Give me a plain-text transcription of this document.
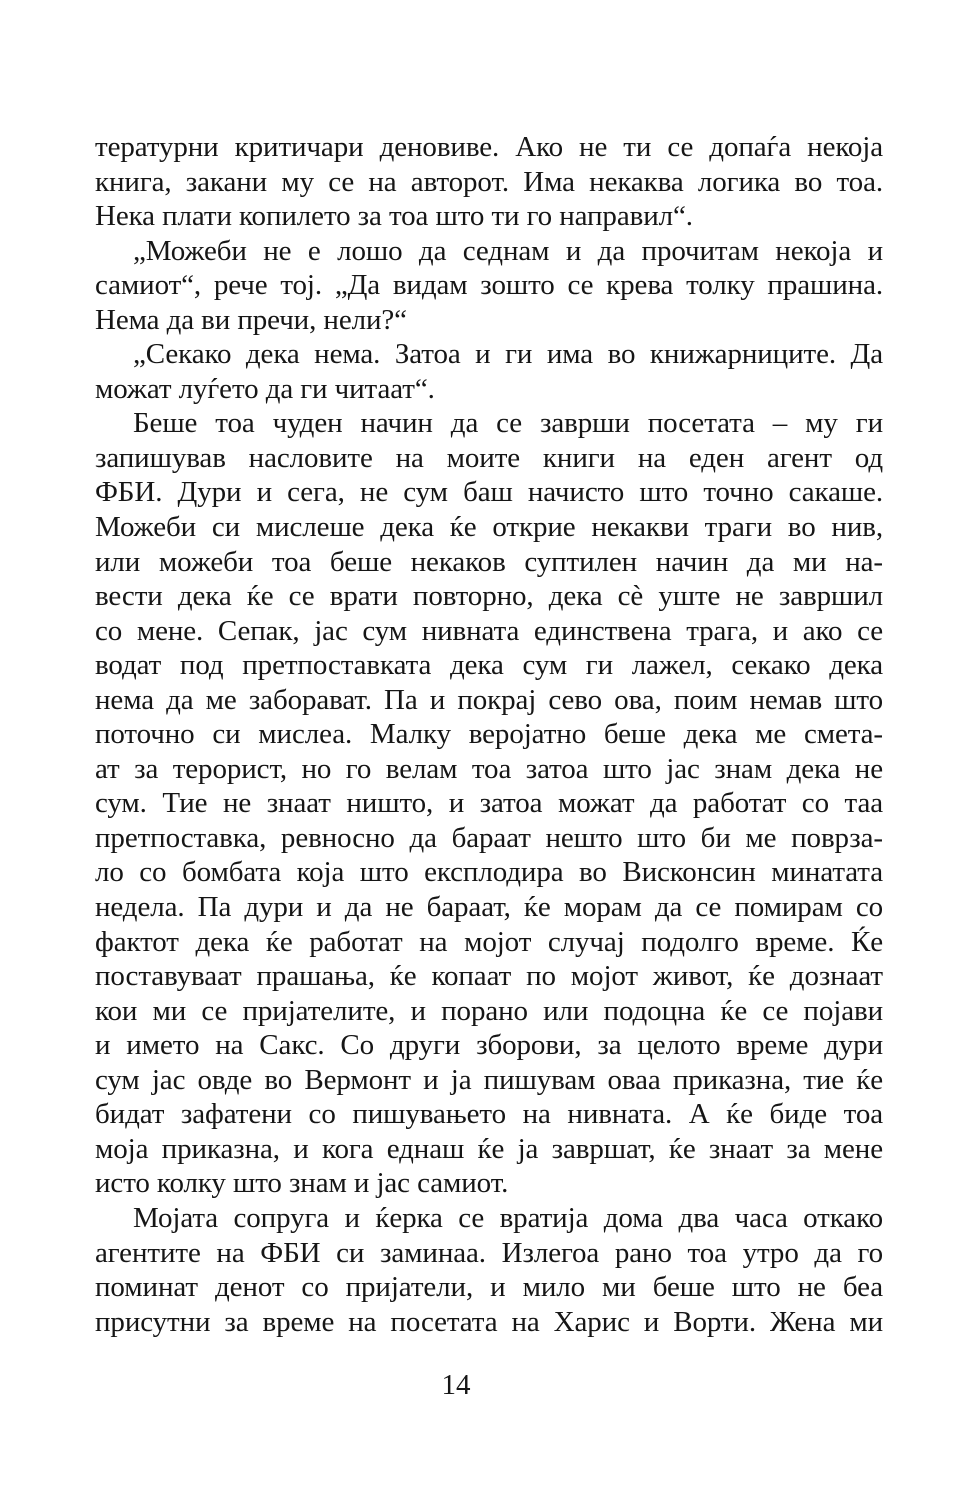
тературни критичари деновиве. Ако не ти се допаѓа некоја
книга, закани му се на авторот. Има некаква логика во тоа.
Нека плати копилето за тоа што ти го направил“.
„Можеби не е лошо да седнам и да прочитам некоја и
самиот“, рече тој. „Да видам зошто се крева толку прашина.
Нема да ви пречи, нели?“
„Секако дека нема. Затоа и ги има во книжарниците. Да
можат луѓето да ги читаат“.
Беше тоа чуден начин да се заврши посетата – му ги
запишував насловите на моите книги на еден агент од
ФБИ. Дури и сега, не сум баш начисто што точно сакаше.
Можеби си мислеше дека ќе открие некакви траги во нив,
или можеби тоа беше некаков суптилен начин да ми на-
вести дека ќе се врати повторно, дека сè уште не завршил
со мене. Сепак, јас сум нивната единствена трага, и ако се
водат под претпоставката дека сум ги лажел, секако дека
нема да ме заборават. Па и покрај сево ова, поим немав што
поточно си мислеа. Малку веројатно беше дека ме смета-
ат за терорист, но го велам тоа затоа што јас знам дека не
сум. Тие не знаат ништо, и затоа можат да работат со таа
претпоставка, ревносно да бараат нешто што би ме поврза-
ло со бомбата која што експлодира во Висконсин минатата
недела. Па дури и да не бараат, ќе морам да се помирам со
фактот дека ќе работат на мојот случај подолго време. Ќе
поставуваат прашања, ќе копаат по мојот живот, ќе дознаат
кои ми се пријателите, и порано или подоцна ќе се појави
и името на Сакс. Со други зборови, за целото време дури
сум јас овде во Вермонт и ја пишувам оваа приказна, тие ќе
бидат зафатени со пишувањето на нивната. А ќе биде тоа
моја приказна, и кога еднаш ќе ја завршат, ќе знаат за мене
исто колку што знам и јас самиот.
Мојата сопруга и ќерка се вратија дома два часа откако
агентите на ФБИ си заминаа. Излегоа рано тоа утро да го
поминат денот со пријатели, и мило ми беше што не беа
присутни за време на посетата на Харис и Ворти. Жена ми
14
